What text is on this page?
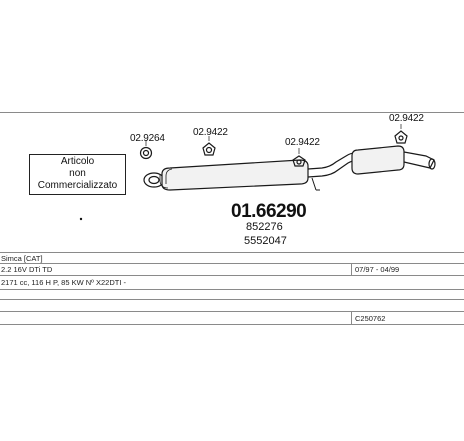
02.9264
02.9422
02.9422
02.9422
Articolo
non
Commercializzato
01.66290
852276
5552047
Simca [CAT]
2.2 16V DTi TD	07/97 - 04/99
2171 cc, 116 H P, 85 KW Nº X22DTI -
C250762
